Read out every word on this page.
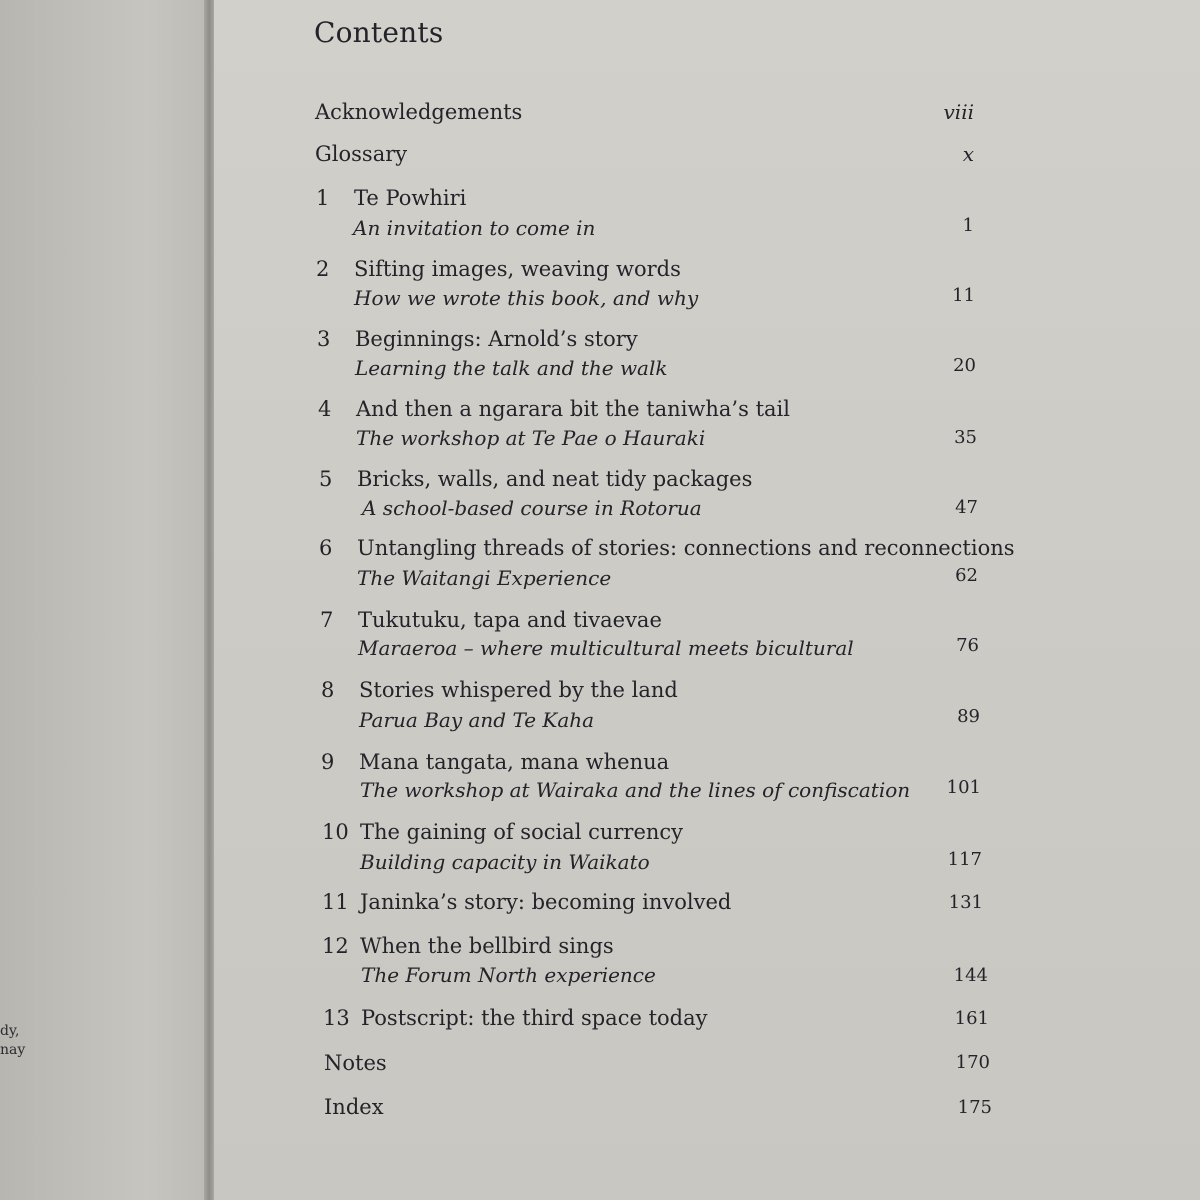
dy,
nay
Contents
Acknowledgements	viii
Glossary	x
1 Te Powhiri
An invitation to come in	1
2 Sifting images, weaving words
How we wrote this book, and why	11
3 Beginnings: Arnold’s story
Learning the talk and the walk	20
4 And then a ngarara bit the taniwha’s tail
The workshop at Te Pae o Hauraki	35
5 Bricks, walls, and neat tidy packages
A school-based course in Rotorua	47
6 Untangling threads of stories: connections and reconnections
The Waitangi Experience	62
7 Tukutuku, tapa and tivaevae
Maraeroa – where multicultural meets bicultural	76
8 Stories whispered by the land
Parua Bay and Te Kaha	89
9 Mana tangata, mana whenua
The workshop at Wairaka and the lines of confiscation	101
10 The gaining of social currency
Building capacity in Waikato	117
11 Janinka’s story: becoming involved	131
12 When the bellbird sings
The Forum North experience	144
13 Postscript: the third space today	161
Notes	170
Index	175
